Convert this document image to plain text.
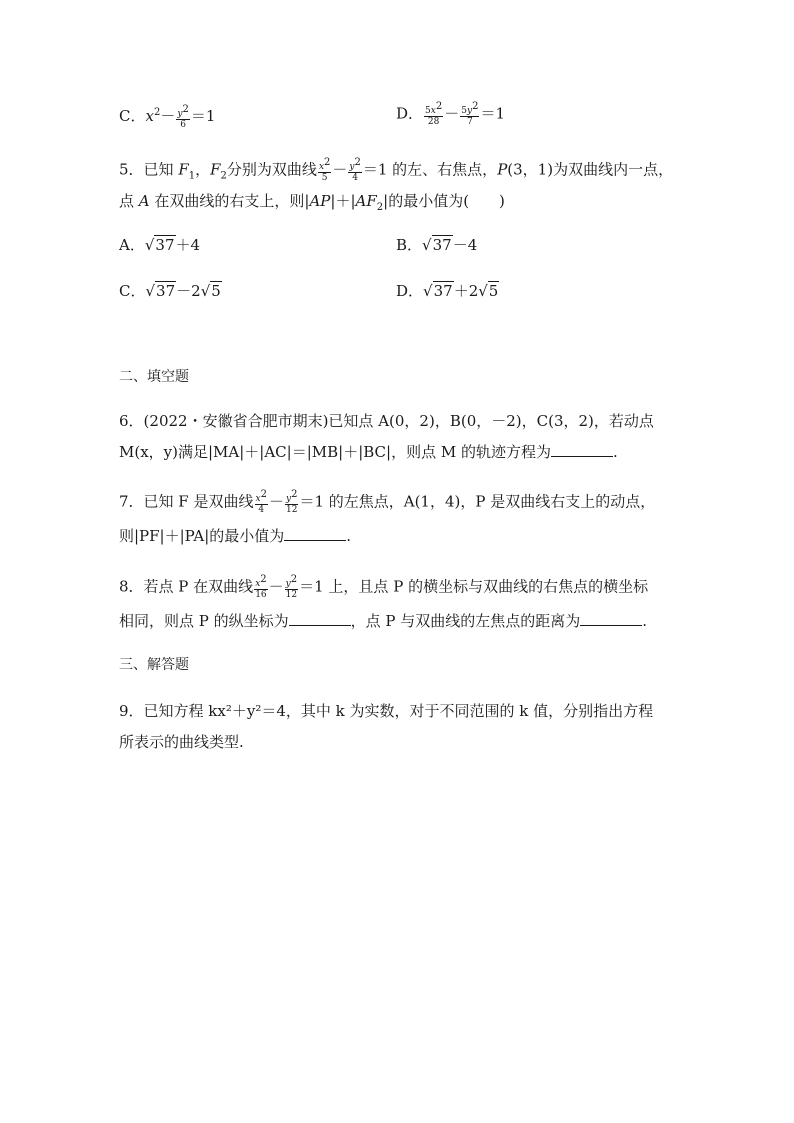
C．$x^2- \frac{y^2}{6} =1$	D． $\frac{5x^2}{28} - \frac{5y^2}{7} =1$
5．已知 $F_1$，$F_2$分别为双曲线 $\frac{x^2}{5} - \frac{y^2}{4} =1$ 的左、右焦点，P(3，1)为双曲线内一点，
点 A 在双曲线的右支上，则$|AP|+|AF_2|$的最小值为(　　)
A．√37＋4	B．√37－4
C．√37－2√5	D．√37＋2√5
二、填空题
6．(2022・安徽省合肥市期末)已知点 A(0，2)，B(0，－2)，C(3，2)，若动点
M(x，y)满足|MA|＋|AC|＝|MB|＋|BC|，则点 M 的轨迹方程为	.
7．已知 F 是双曲线 $\frac{x^2}{4} - \frac{y^2}{12} =1$ 的左焦点，A(1，4)，P 是双曲线右支上的动点，
则|PF|＋|PA|的最小值为	.
8．若点 P 在双曲线 $\frac{x^2}{16} - \frac{y^2}{12} =1$ 上，且点 P 的横坐标与双曲线的右焦点的横坐标
相同，则点 P 的纵坐标为	，点 P 与双曲线的左焦点的距离为	.
三、解答题
9．已知方程 kx²＋y²＝4，其中 k 为实数，对于不同范围的 k 值，分别指出方程
所表示的曲线类型.
